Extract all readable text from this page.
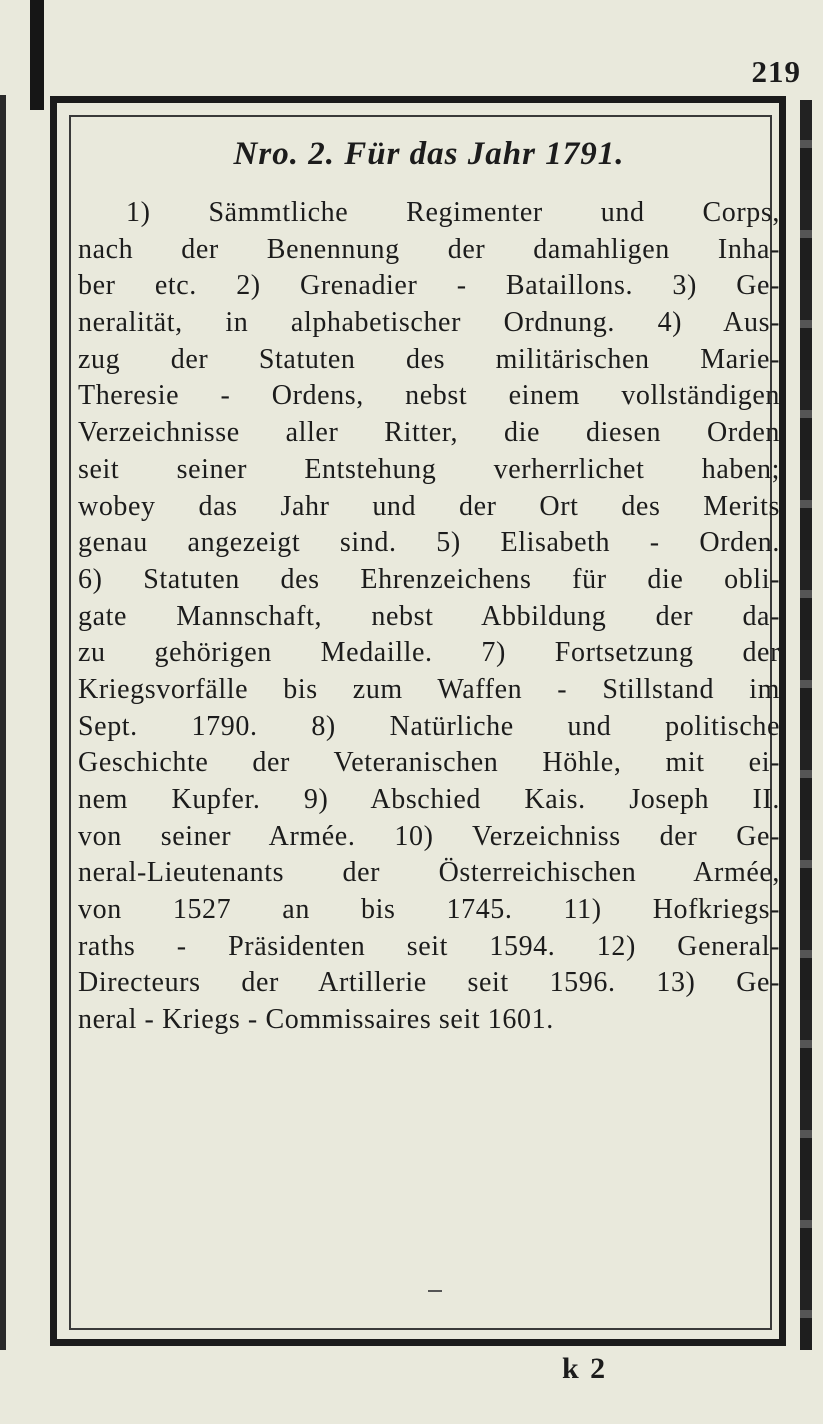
219

Nro. 2. Für das Jahr 1791.

1) Sämmtliche Regimenter und Corps,
nach der Benennung der damahligen Inha-
ber etc. 2) Grenadier - Bataillons. 3) Ge-
neralität, in alphabetischer Ordnung. 4) Aus-
zug der Statuten des militärischen Marie-
Theresie - Ordens, nebst einem vollständigen
Verzeichnisse aller Ritter, die diesen Orden
seit seiner Entstehung verherrlichet haben;
wobey das Jahr und der Ort des Merits
genau angezeigt sind. 5) Elisabeth - Orden.
6) Statuten des Ehrenzeichens für die obli-
gate Mannschaft, nebst Abbildung der da-
zu gehörigen Medaille. 7) Fortsetzung der
Kriegsvorfälle bis zum Waffen - Stillstand im
Sept. 1790. 8) Natürliche und politische
Geschichte der Veteranischen Höhle, mit ei-
nem Kupfer. 9) Abschied Kais. Joseph II.
von seiner Armée. 10) Verzeichniss der Ge-
neral-Lieutenants der Österreichischen Armée,
von 1527 an bis 1745. 11) Hofkriegs-
raths - Präsidenten seit 1594. 12) General-
Directeurs der Artillerie seit 1596. 13) Ge-
neral - Kriegs - Commissaires seit 1601.

k 2
